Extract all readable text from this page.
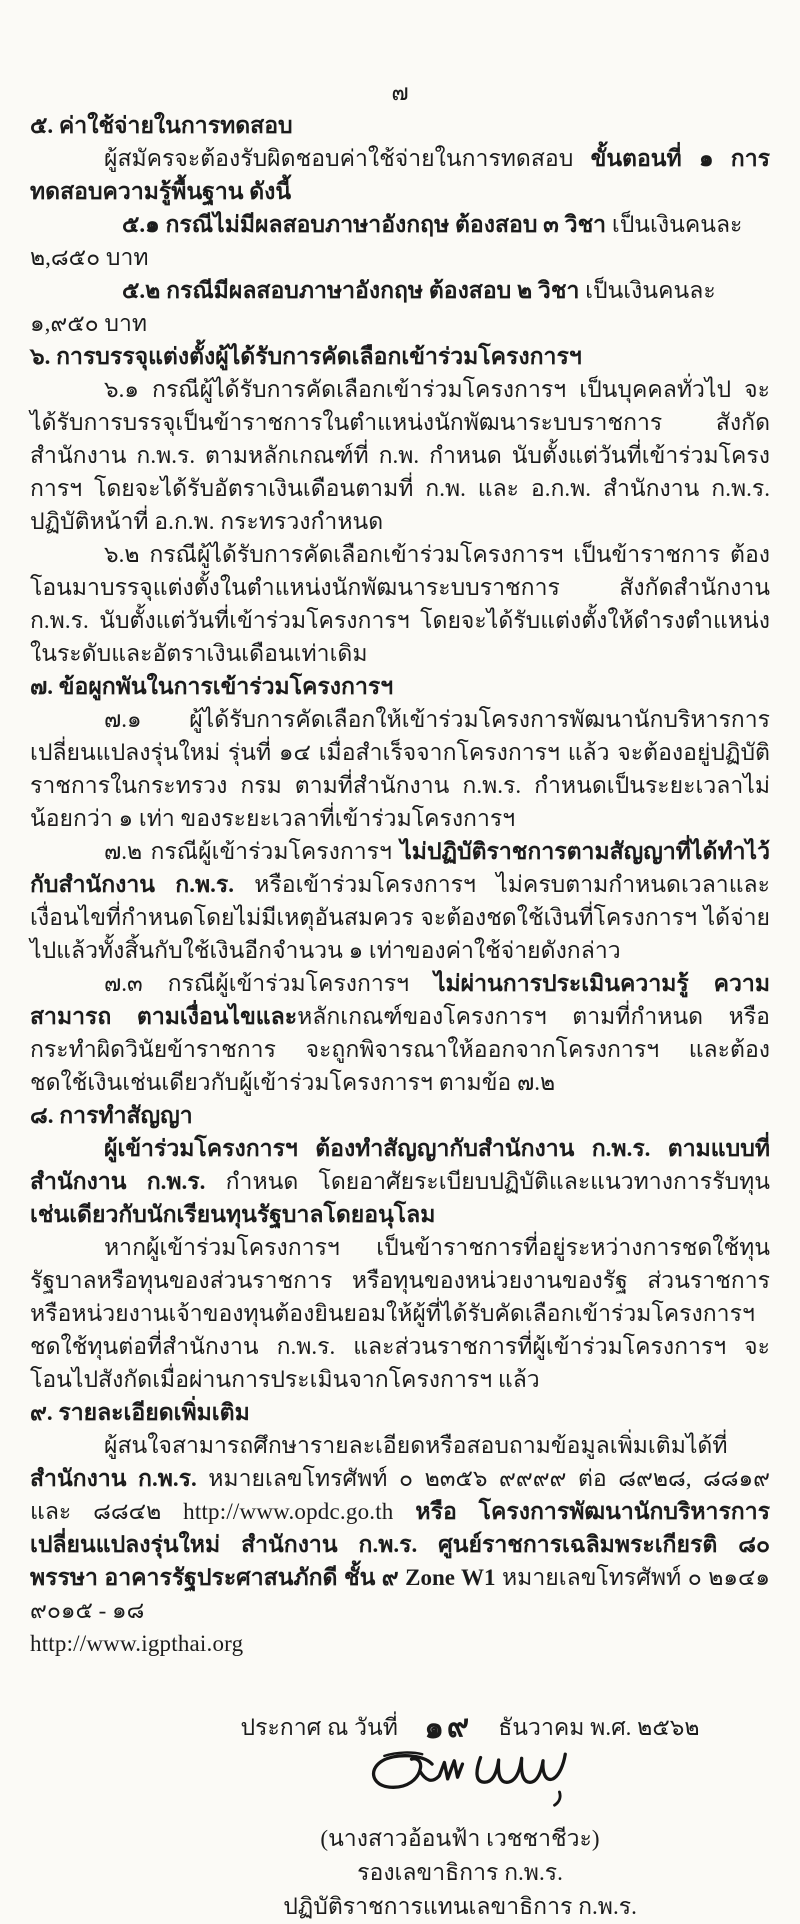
๗
๕. ค่าใช้จ่ายในการทดสอบ
ผู้สมัครจะต้องรับผิดชอบค่าใช้จ่ายในการทดสอบ ขั้นตอนที่ ๑ การทดสอบความรู้พื้นฐาน ดังนี้
๕.๑ กรณีไม่มีผลสอบภาษาอังกฤษ ต้องสอบ ๓ วิชา เป็นเงินคนละ ๒,๘๕๐ บาท
๕.๒ กรณีมีผลสอบภาษาอังกฤษ ต้องสอบ ๒ วิชา เป็นเงินคนละ ๑,๙๕๐ บาท
๖. การบรรจุแต่งตั้งผู้ได้รับการคัดเลือกเข้าร่วมโครงการฯ
๖.๑ กรณีผู้ได้รับการคัดเลือกเข้าร่วมโครงการฯ เป็นบุคคลทั่วไป จะได้รับการบรรจุเป็นข้าราชการในตำแหน่งนักพัฒนาระบบราชการ สังกัดสำนักงาน ก.พ.ร. ตามหลักเกณฑ์ที่ ก.พ. กำหนด นับตั้งแต่วันที่เข้าร่วมโครงการฯ โดยจะได้รับอัตราเงินเดือนตามที่ ก.พ. และ อ.ก.พ. สำนักงาน ก.พ.ร. ปฏิบัติหน้าที่ อ.ก.พ. กระทรวงกำหนด
๖.๒ กรณีผู้ได้รับการคัดเลือกเข้าร่วมโครงการฯ เป็นข้าราชการ ต้องโอนมาบรรจุแต่งตั้งในตำแหน่งนักพัฒนาระบบราชการ สังกัดสำนักงาน ก.พ.ร. นับตั้งแต่วันที่เข้าร่วมโครงการฯ โดยจะได้รับแต่งตั้งให้ดำรงตำแหน่งในระดับและอัตราเงินเดือนเท่าเดิม
๗. ข้อผูกพันในการเข้าร่วมโครงการฯ
๗.๑ ผู้ได้รับการคัดเลือกให้เข้าร่วมโครงการพัฒนานักบริหารการเปลี่ยนแปลงรุ่นใหม่ รุ่นที่ ๑๔ เมื่อสำเร็จจากโครงการฯ แล้ว จะต้องอยู่ปฏิบัติราชการในกระทรวง กรม ตามที่สำนักงาน ก.พ.ร. กำหนดเป็นระยะเวลาไม่น้อยกว่า ๑ เท่า ของระยะเวลาที่เข้าร่วมโครงการฯ
๗.๒ กรณีผู้เข้าร่วมโครงการฯ ไม่ปฏิบัติราชการตามสัญญาที่ได้ทำไว้กับสำนักงาน ก.พ.ร. หรือเข้าร่วมโครงการฯ ไม่ครบตามกำหนดเวลาและเงื่อนไขที่กำหนดโดยไม่มีเหตุอันสมควร จะต้องชดใช้เงินที่โครงการฯ ได้จ่ายไปแล้วทั้งสิ้นกับใช้เงินอีกจำนวน ๑ เท่าของค่าใช้จ่ายดังกล่าว
๗.๓ กรณีผู้เข้าร่วมโครงการฯ ไม่ผ่านการประเมินความรู้ ความสามารถ ตามเงื่อนไขและหลักเกณฑ์ของโครงการฯ ตามที่กำหนด หรือกระทำผิดวินัยข้าราชการ จะถูกพิจารณาให้ออกจากโครงการฯ และต้องชดใช้เงินเช่นเดียวกับผู้เข้าร่วมโครงการฯ ตามข้อ ๗.๒
๘. การทำสัญญา
ผู้เข้าร่วมโครงการฯ ต้องทำสัญญากับสำนักงาน ก.พ.ร. ตามแบบที่สำนักงาน ก.พ.ร. กำหนด โดยอาศัยระเบียบปฏิบัติและแนวทางการรับทุน เช่นเดียวกับนักเรียนทุนรัฐบาลโดยอนุโลม
หากผู้เข้าร่วมโครงการฯ เป็นข้าราชการที่อยู่ระหว่างการชดใช้ทุนรัฐบาลหรือทุนของส่วนราชการ หรือทุนของหน่วยงานของรัฐ ส่วนราชการหรือหน่วยงานเจ้าของทุนต้องยินยอมให้ผู้ที่ได้รับคัดเลือกเข้าร่วมโครงการฯ ชดใช้ทุนต่อที่สำนักงาน ก.พ.ร. และส่วนราชการที่ผู้เข้าร่วมโครงการฯ จะโอนไปสังกัดเมื่อผ่านการประเมินจากโครงการฯ แล้ว
๙. รายละเอียดเพิ่มเติม
ผู้สนใจสามารถศึกษารายละเอียดหรือสอบถามข้อมูลเพิ่มเติมได้ที่สำนักงาน ก.พ.ร. หมายเลขโทรศัพท์ ๐ ๒๓๕๖ ๙๙๙๙ ต่อ ๘๙๒๘, ๘๘๑๙ และ ๘๘๔๒ http://www.opdc.go.th หรือ โครงการพัฒนานักบริหารการเปลี่ยนแปลงรุ่นใหม่ สำนักงาน ก.พ.ร. ศูนย์ราชการเฉลิมพระเกียรติ ๘๐ พรรษา อาคารรัฐประศาสนภักดี ชั้น ๙ Zone W1 หมายเลขโทรศัพท์ ๐ ๒๑๔๑ ๙๐๑๕ - ๑๘
http://www.igpthai.org
ประกาศ ณ วันที่ ๑๙ ธันวาคม พ.ศ. ๒๕๖๒
(นางสาวอ้อนฟ้า เวชชาชีวะ)
รองเลขาธิการ ก.พ.ร.
ปฏิบัติราชการแทนเลขาธิการ ก.พ.ร.
